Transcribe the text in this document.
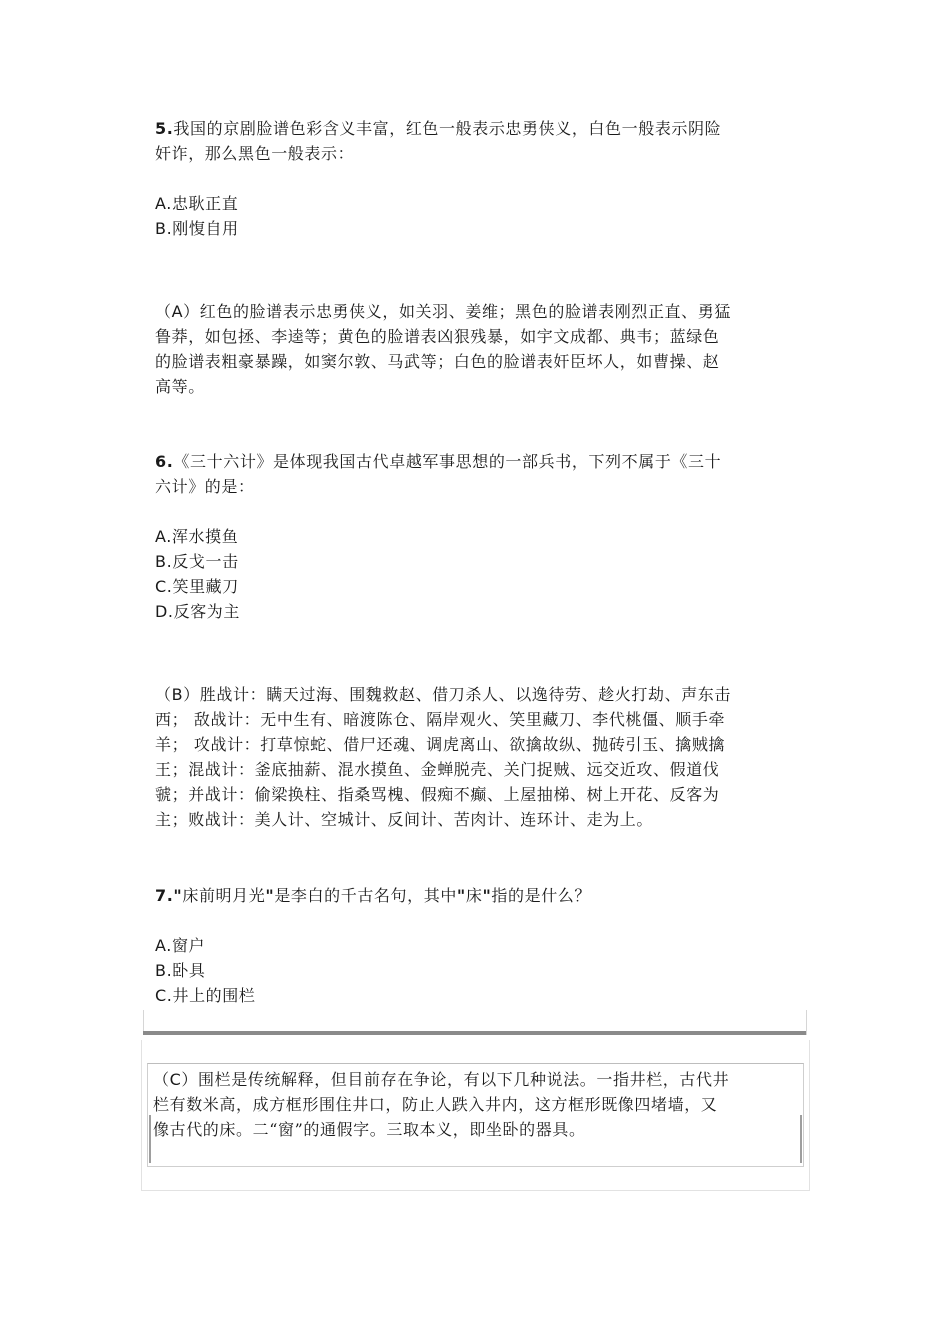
5.我国的京剧脸谱色彩含义丰富，红色一般表示忠勇侠义，白色一般表示阴险
奸诈，那么黑色一般表示：
A.忠耿正直
B.刚愎自用
（A）红色的脸谱表示忠勇侠义，如关羽、姜维；黑色的脸谱表刚烈正直、勇猛
鲁莽，如包拯、李逵等；黄色的脸谱表凶狠残暴，如宇文成都、典韦；蓝绿色
的脸谱表粗豪暴躁，如窦尔敦、马武等；白色的脸谱表奸臣坏人，如曹操、赵
高等。
6.《三十六计》是体现我国古代卓越军事思想的一部兵书，下列不属于《三十
六计》的是：
A.浑水摸鱼
B.反戈一击
C.笑里藏刀
D.反客为主
（B）胜战计：瞒天过海、围魏救赵、借刀杀人、以逸待劳、趁火打劫、声东击
西； 敌战计：无中生有、暗渡陈仓、隔岸观火、笑里藏刀、李代桃僵、顺手牵
羊； 攻战计：打草惊蛇、借尸还魂、调虎离山、欲擒故纵、抛砖引玉、擒贼擒
王；混战计：釜底抽薪、混水摸鱼、金蝉脱壳、关门捉贼、远交近攻、假道伐
虢；并战计：偷梁换柱、指桑骂槐、假痴不癫、上屋抽梯、树上开花、反客为
主；败战计：美人计、空城计、反间计、苦肉计、连环计、走为上。
7."床前明月光"是李白的千古名句，其中"床"指的是什么？
A.窗户
B.卧具
C.井上的围栏
（C）围栏是传统解释，但目前存在争论，有以下几种说法。一指井栏，古代井
栏有数米高，成方框形围住井口，防止人跌入井内，这方框形既像四堵墙，又
像古代的床。二“窗”的通假字。三取本义，即坐卧的器具。
